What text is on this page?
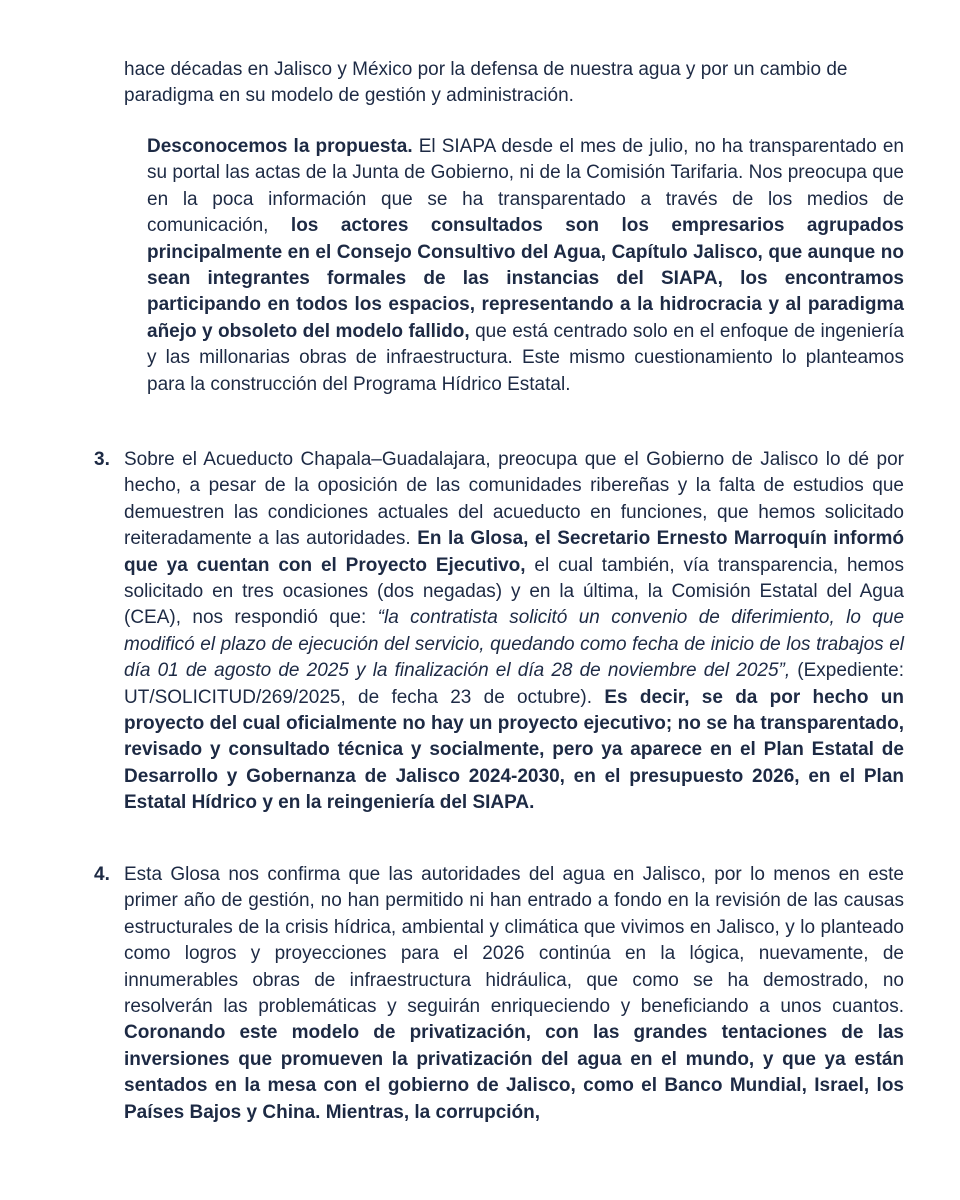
hace décadas en Jalisco y México por la defensa de nuestra agua y por un cambio de paradigma en su modelo de gestión y administración.

Desconocemos la propuesta. El SIAPA desde el mes de julio, no ha transparentado en su portal las actas de la Junta de Gobierno, ni de la Comisión Tarifaria. Nos preocupa que en la poca información que se ha transparentado a través de los medios de comunicación, los actores consultados son los empresarios agrupados principalmente en el Consejo Consultivo del Agua, Capítulo Jalisco, que aunque no sean integrantes formales de las instancias del SIAPA, los encontramos participando en todos los espacios, representando a la hidrocracia y al paradigma añejo y obsoleto del modelo fallido, que está centrado solo en el enfoque de ingeniería y las millonarias obras de infraestructura. Este mismo cuestionamiento lo planteamos para la construcción del Programa Hídrico Estatal.

3. Sobre el Acueducto Chapala–Guadalajara, preocupa que el Gobierno de Jalisco lo dé por hecho, a pesar de la oposición de las comunidades ribereñas y la falta de estudios que demuestren las condiciones actuales del acueducto en funciones, que hemos solicitado reiteradamente a las autoridades. En la Glosa, el Secretario Ernesto Marroquín informó que ya cuentan con el Proyecto Ejecutivo, el cual también, vía transparencia, hemos solicitado en tres ocasiones (dos negadas) y en la última, la Comisión Estatal del Agua (CEA), nos respondió que: “la contratista solicitó un convenio de diferimiento, lo que modificó el plazo de ejecución del servicio, quedando como fecha de inicio de los trabajos el día 01 de agosto de 2025 y la finalización el día 28 de noviembre del 2025”, (Expediente: UT/SOLICITUD/269/2025, de fecha 23 de octubre). Es decir, se da por hecho un proyecto del cual oficialmente no hay un proyecto ejecutivo; no se ha transparentado, revisado y consultado técnica y socialmente, pero ya aparece en el Plan Estatal de Desarrollo y Gobernanza de Jalisco 2024-2030, en el presupuesto 2026, en el Plan Estatal Hídrico y en la reingeniería del SIAPA.

4. Esta Glosa nos confirma que las autoridades del agua en Jalisco, por lo menos en este primer año de gestión, no han permitido ni han entrado a fondo en la revisión de las causas estructurales de la crisis hídrica, ambiental y climática que vivimos en Jalisco, y lo planteado como logros y proyecciones para el 2026 continúa en la lógica, nuevamente, de innumerables obras de infraestructura hidráulica, que como se ha demostrado, no resolverán las problemáticas y seguirán enriqueciendo y beneficiando a unos cuantos. Coronando este modelo de privatización, con las grandes tentaciones de las inversiones que promueven la privatización del agua en el mundo, y que ya están sentados en la mesa con el gobierno de Jalisco, como el Banco Mundial, Israel, los Países Bajos y China. Mientras, la corrupción,
